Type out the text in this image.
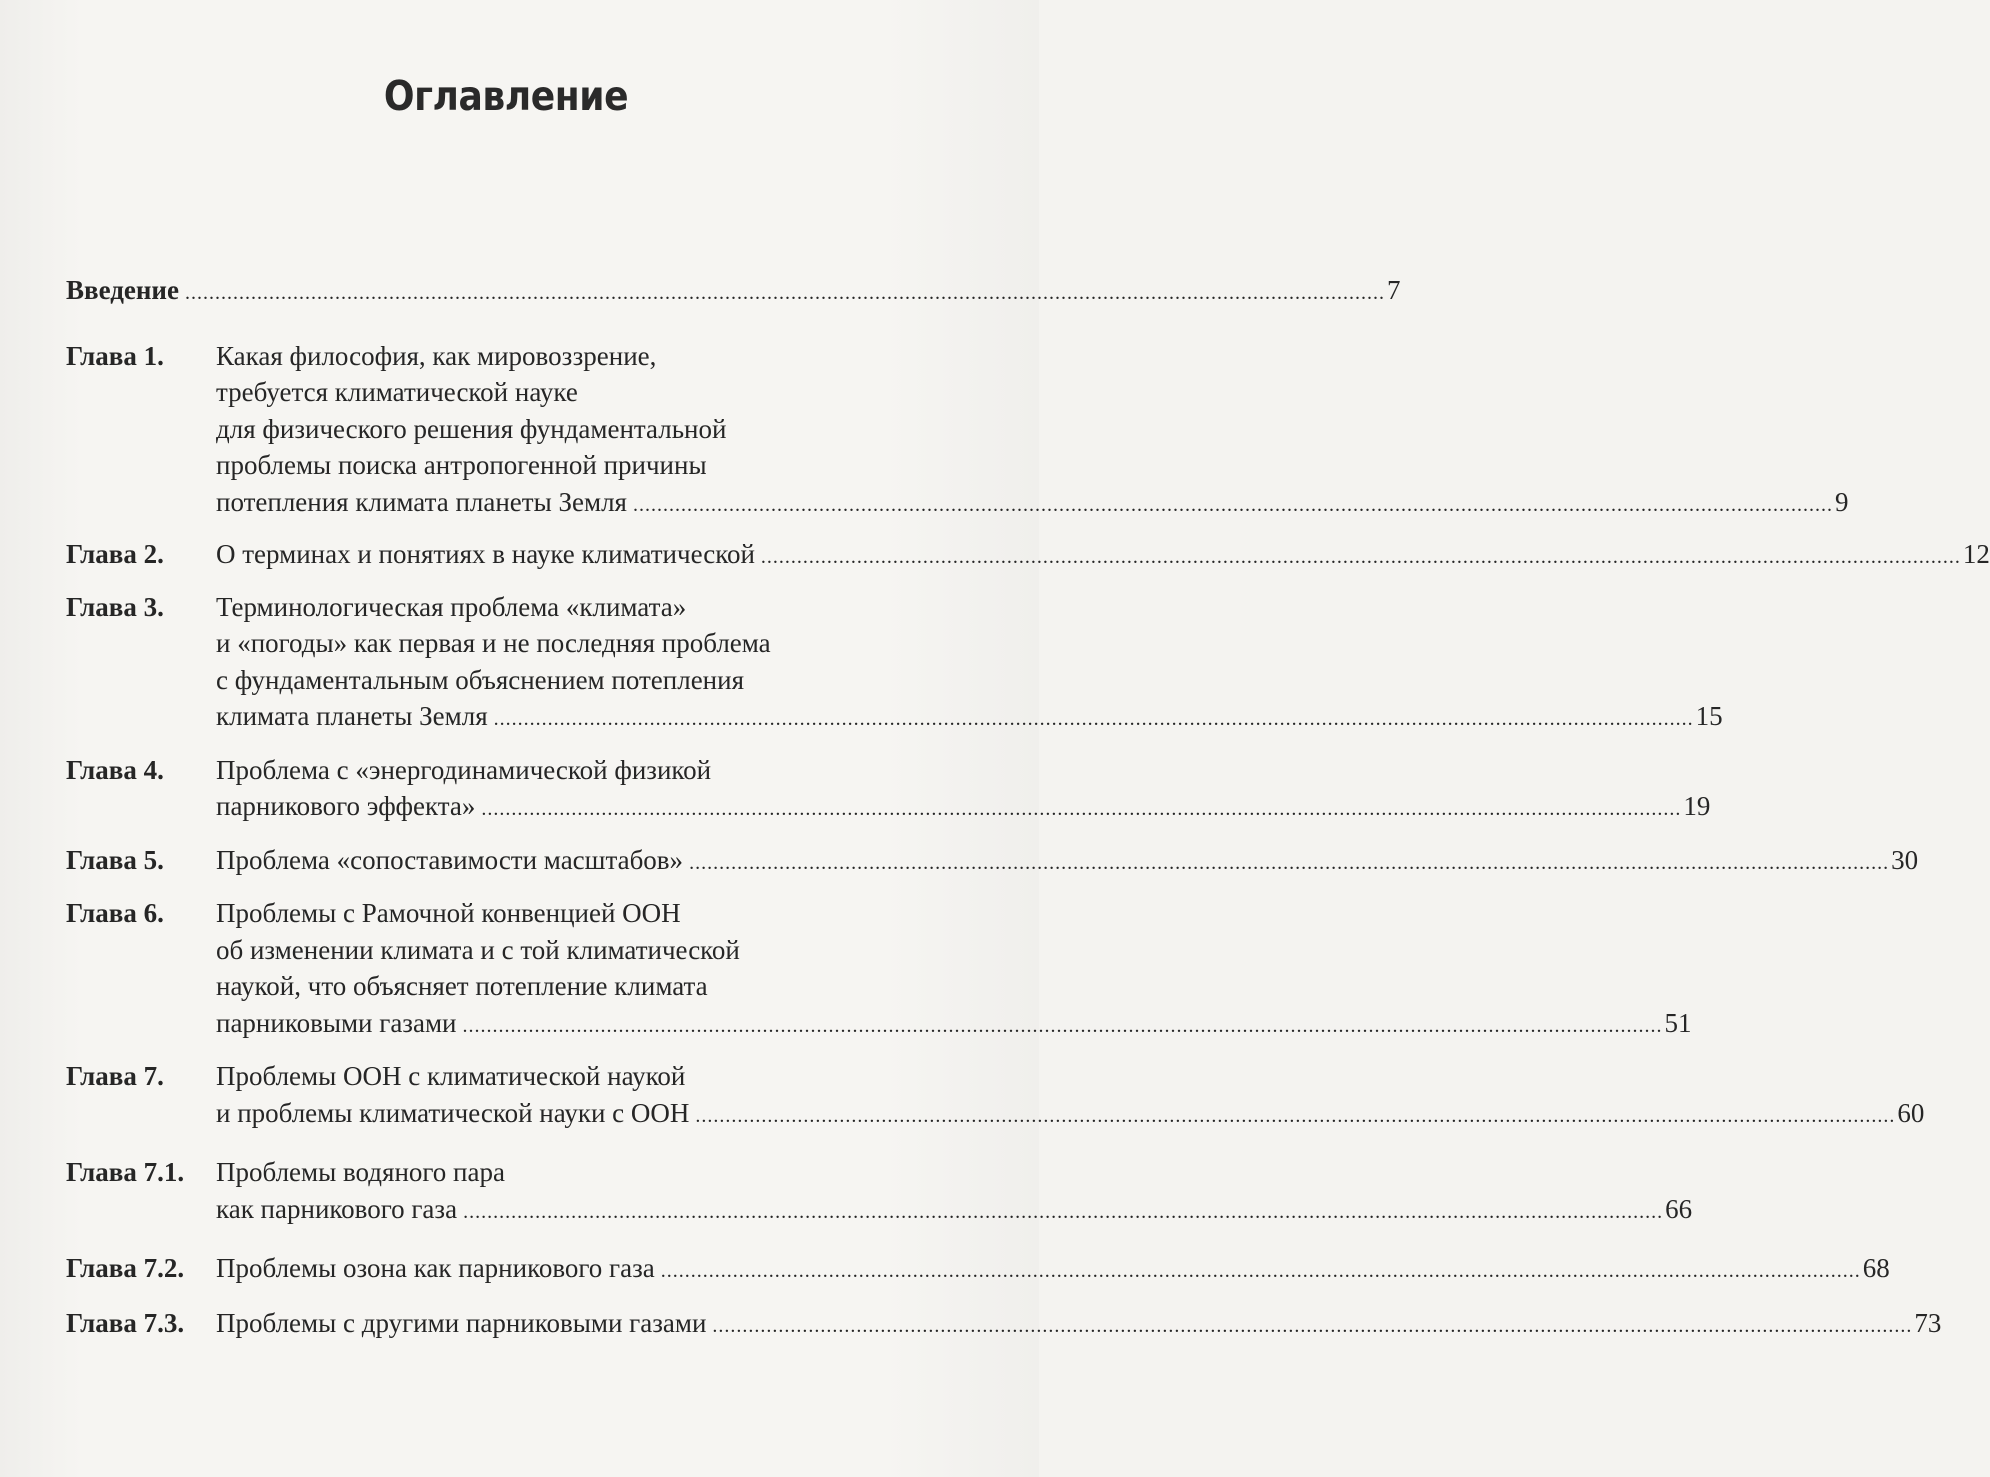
Оглавление
Введение ........................................................................................................................................................................................................ 7
Глава 1.	Какая философия, как мировоззрение,
требуется климатической науке
для физического решения фундаментальной
проблемы поиска антропогенной причины
потепления климата планеты Земля ........................................................................................................................................................................................................ 9
Глава 2.	О терминах и понятиях в науке климатической ........................................................................................................................................................................................................ 12
Глава 3.	Терминологическая проблема «климата»
и «погоды» как первая и не последняя проблема
с фундаментальным объяснением потепления
климата планеты Земля ........................................................................................................................................................................................................ 15
Глава 4.	Проблема с «энергодинамической физикой
парникового эффекта» ........................................................................................................................................................................................................ 19
Глава 5.	Проблема «сопоставимости масштабов» ........................................................................................................................................................................................................ 30
Глава 6.	Проблемы с Рамочной конвенцией ООН
об изменении климата и с той климатической
наукой, что объясняет потепление климата
парниковыми газами ........................................................................................................................................................................................................ 51
Глава 7.	Проблемы ООН с климатической наукой
и проблемы климатической науки с ООН ........................................................................................................................................................................................................ 60
Глава 7.1.	Проблемы водяного пара
как парникового газа ........................................................................................................................................................................................................ 66
Глава 7.2.	Проблемы озона как парникового газа ........................................................................................................................................................................................................ 68
Глава 7.3.	Проблемы с другими парниковыми газами ........................................................................................................................................................................................................ 73
